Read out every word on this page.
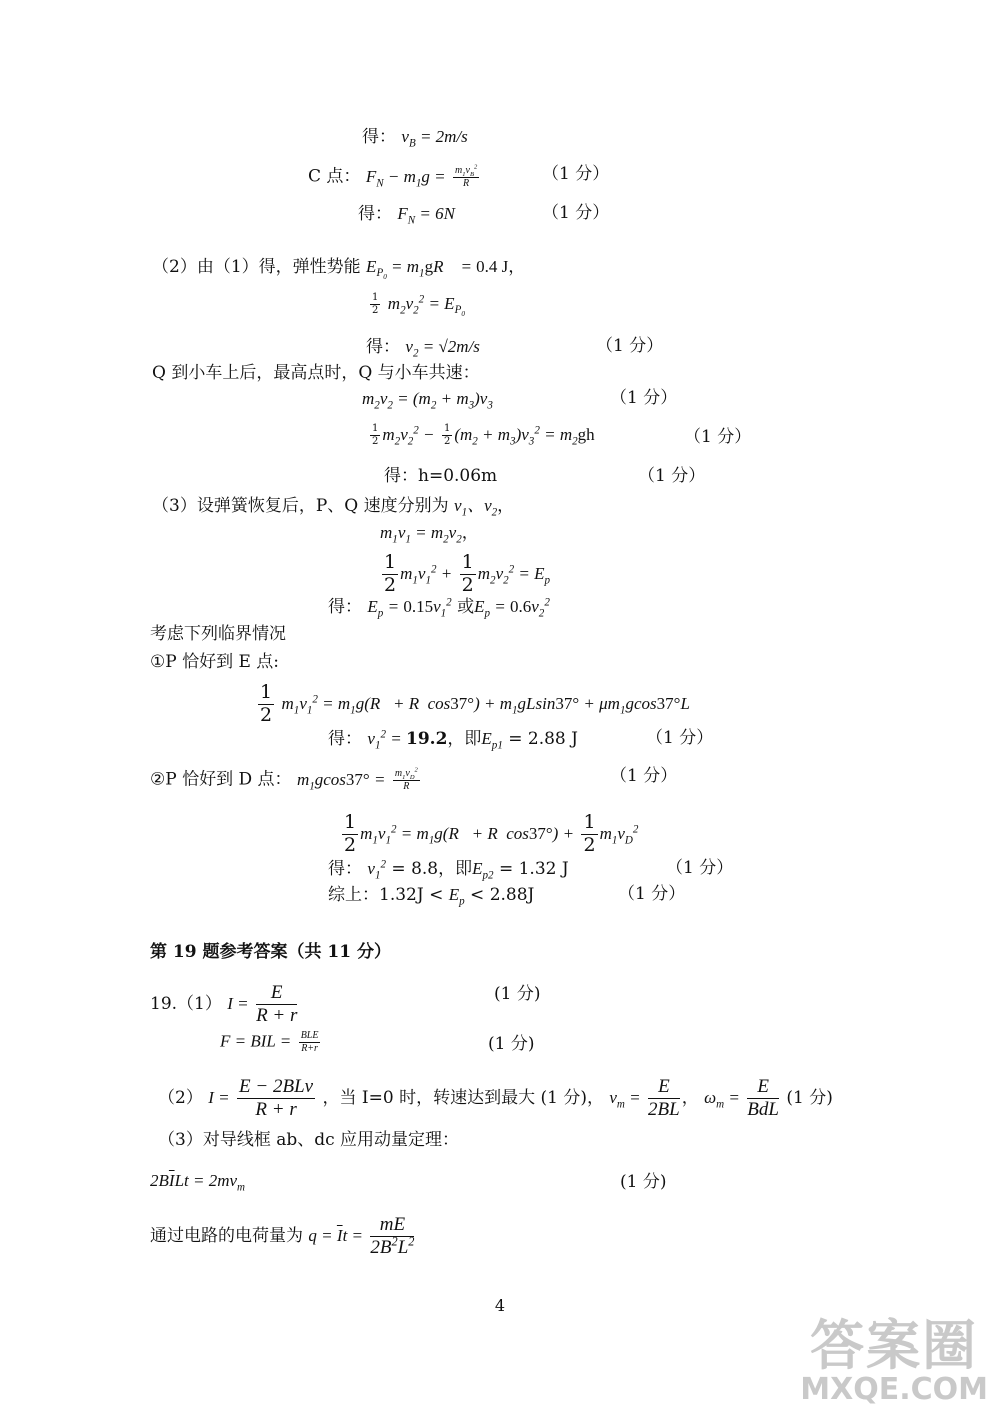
得： $v_B = 2m/s$
C 点： $F_N - m_1g = \frac{m_1v_B^2}{R}$	（1 分）
得： $F_N = 6N$	（1 分）
（2）由（1）得，弹性势能 $E_{P_0} = m_1gR$    = 0.4 J，
$\frac{1}{2} m_2v_2^2 = E_{P_0}$
得： $v_2 = √2m/s$	（1 分）
Q 到小车上后，最高点时，Q 与小车共速：
$m_2v_2 = (m_2 + m_3)v_3$	（1 分）
$\frac{1}{2} m_2v_2^2 - \frac{1}{2} (m_2 + m_3)v_3^2 = m_2gh$	（1 分）
得：h=0.06m	（1 分）
（3）设弹簧恢复后，P、Q 速度分别为 $v_1$、$v_2$，
$m_1v_1 = m_2v_2$，
$\frac{1}{2} m_1v_1^2 + \frac{1}{2} m_2v_2^2 = E_p$
得： $E_p = 0.15v_1^2$ 或$E_p = 0.6v_2^2$
考虑下列临界情况
①P 恰好到 E 点:
$\frac{1}{2} m_1v_1^2 = m_1g(R + R$  $\cos 37^\circ) + m_1gLsin37^\circ + \mu m_1gcos37^\circ L$
得： $v_1^2 = 19.2$，即$E_{p1} = 2.88$ J	（1 分）
②P 恰好到 D 点： $m_1gcos37^\circ = \frac{m_1v_D^2}{R}$	（1 分）
$\frac{1}{2} m_1v_1^2 = m_1g(R + R$  $\cos 37^\circ) + \frac{1}{2} m_1v_D^2$
得： $v_1^2 = 8.8$，即$E_{p2} = 1.32$ J	（1 分）
综上：$1.32J < E_p < 2.88J$	（1 分）
第 19 题参考答案（共 11 分）
19.（1） $I = \frac{E}{R + r}$	(1 分)
F = BIL = $\frac{\text{BLE}}{R+r}$	(1 分)
（2） $I = \frac{\text{E − 2BLv}}{R + r}$ ，当 I=0 时，转速达到最大 (1 分)， $v_m = \frac{E}{2BL}$ ， $\omega_m = \frac{E}{\text{BdL}} (1$ 分)
（3）对导线框 ab、dc 应用动量定理：
$2B\overline{I}Lt = 2mv_m$	(1 分)
通过电路的电荷量为 $q = \overline{I}t = \frac{mE}{2B^2L^2}$
4
答案圈
MXQE.COM
